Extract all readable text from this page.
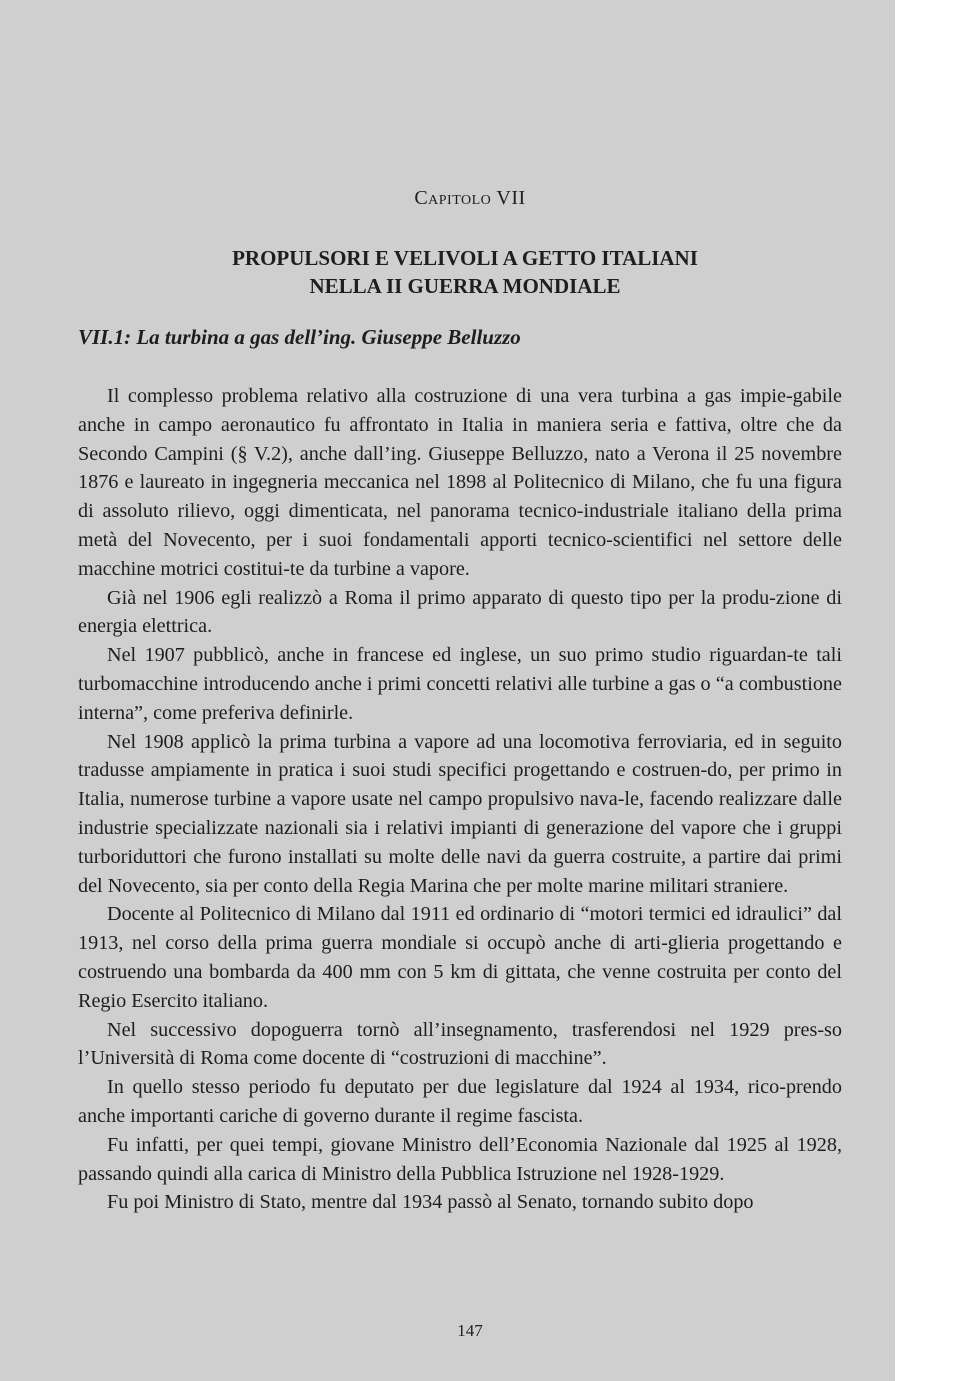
Capitolo VII
PROPULSORI E VELIVOLI A GETTO ITALIANI
NELLA II GUERRA MONDIALE
VII.1: La turbina a gas dell’ing. Giuseppe Belluzzo

Il complesso problema relativo alla costruzione di una vera turbina a gas impie-gabile anche in campo aeronautico fu affrontato in Italia in maniera seria e fattiva, oltre che da Secondo Campini (§ V.2), anche dall’ing. Giuseppe Belluzzo, nato a Verona il 25 novembre 1876 e laureato in ingegneria meccanica nel 1898 al Politecnico di Milano, che fu una figura di assoluto rilievo, oggi dimenticata, nel panorama tecnico-industriale italiano della prima metà del Novecento, per i suoi fondamentali apporti tecnico-scientifici nel settore delle macchine motrici costitui-te da turbine a vapore.

Già nel 1906 egli realizzò a Roma il primo apparato di questo tipo per la produ-zione di energia elettrica.

Nel 1907 pubblicò, anche in francese ed inglese, un suo primo studio riguardan-te tali turbomacchine introducendo anche i primi concetti relativi alle turbine a gas o “a combustione interna”, come preferiva definirle.

Nel 1908 applicò la prima turbina a vapore ad una locomotiva ferroviaria, ed in seguito tradusse ampiamente in pratica i suoi studi specifici progettando e costruen-do, per primo in Italia, numerose turbine a vapore usate nel campo propulsivo nava-le, facendo realizzare dalle industrie specializzate nazionali sia i relativi impianti di generazione del vapore che i gruppi turboriduttori che furono installati su molte delle navi da guerra costruite, a partire dai primi del Novecento, sia per conto della Regia Marina che per molte marine militari straniere.

Docente al Politecnico di Milano dal 1911 ed ordinario di “motori termici ed idraulici” dal 1913, nel corso della prima guerra mondiale si occupò anche di arti-glieria progettando e costruendo una bombarda da 400 mm con 5 km di gittata, che venne costruita per conto del Regio Esercito italiano.

Nel successivo dopoguerra tornò all’insegnamento, trasferendosi nel 1929 pres-so l’Università di Roma come docente di “costruzioni di macchine”.

In quello stesso periodo fu deputato per due legislature dal 1924 al 1934, rico-prendo anche importanti cariche di governo durante il regime fascista.

Fu infatti, per quei tempi, giovane Ministro dell’Economia Nazionale dal 1925 al 1928, passando quindi alla carica di Ministro della Pubblica Istruzione nel 1928-1929.

Fu poi Ministro di Stato, mentre dal 1934 passò al Senato, tornando subito dopo

147
